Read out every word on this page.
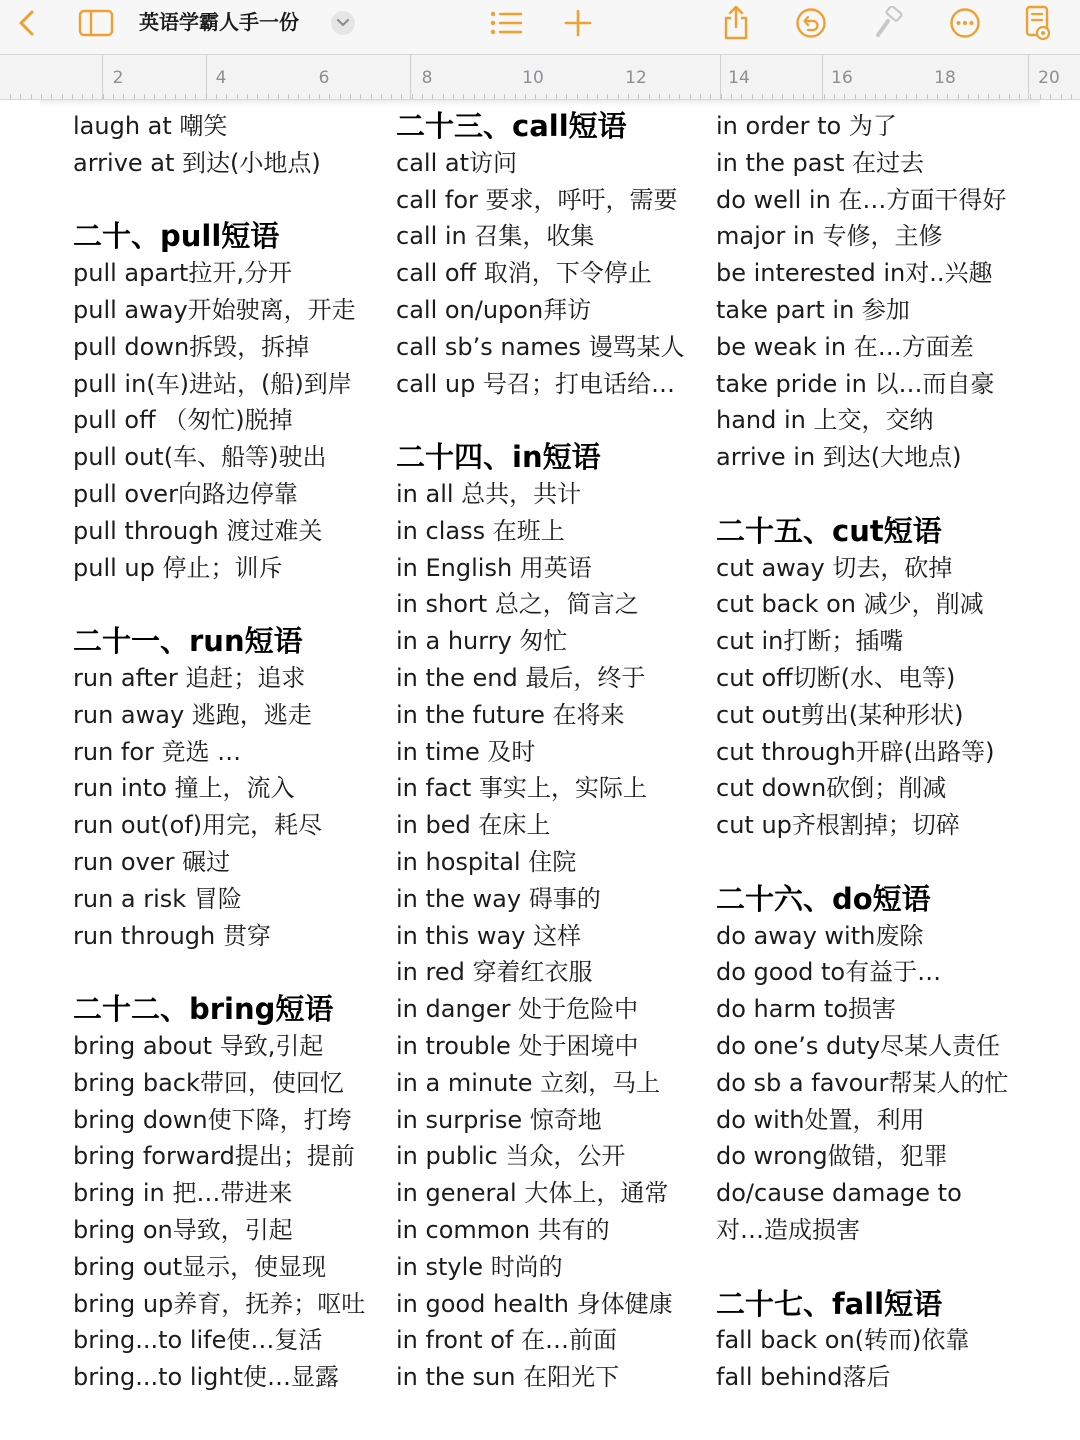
英语学霸人手一份
2	4	6	8	10	12	14	16	18	20
laugh at 嘲笑
arrive at 到达(小地点)
二十、pull短语
pull apart拉开,分开
pull away开始驶离，开走
pull down拆毁，拆掉
pull in(车)进站，(船)到岸
pull off （匆忙)脱掉
pull out(车、船等)驶出
pull over向路边停靠
pull through 渡过难关
pull up 停止；训斥
二十一、run短语
run after 追赶；追求
run away 逃跑，逃走
run for 竞选 …
run into 撞上，流入
run out(of)用完，耗尽
run over 碾过
run a risk 冒险
run through 贯穿
二十二、bring短语
bring about 导致,引起
bring back带回，使回忆
bring down使下降，打垮
bring forward提出；提前
bring in 把…带进来
bring on导致，引起
bring out显示，使显现
bring up养育，抚养；呕吐
bring...to life使…复活
bring...to light使…显露
二十三、call短语
call at访问
call for 要求，呼吁，需要
call in 召集，收集
call off 取消，下令停止
call on/upon拜访
call sb’s names 谩骂某人
call up 号召；打电话给…
二十四、in短语
in all 总共，共计
in class 在班上
in English 用英语
in short 总之，简言之
in a hurry 匆忙
in the end 最后，终于
in the future 在将来
in time 及时
in fact 事实上，实际上
in bed 在床上
in hospital 住院
in the way 碍事的
in this way 这样
in red 穿着红衣服
in danger 处于危险中
in trouble 处于困境中
in a minute 立刻，马上
in surprise 惊奇地
in public 当众，公开
in general 大体上，通常
in common 共有的
in style 时尚的
in good health 身体健康
in front of 在…前面
in the sun 在阳光下
in order to 为了
in the past 在过去
do well in 在…方面干得好
major in 专修，主修
be interested in对..兴趣
take part in 参加
be weak in 在…方面差
take pride in 以…而自豪
hand in 上交，交纳
arrive in 到达(大地点)
二十五、cut短语
cut away 切去，砍掉
cut back on 减少，削减
cut in打断；插嘴
cut off切断(水、电等)
cut out剪出(某种形状)
cut through开辟(出路等)
cut down砍倒；削减
cut up齐根割掉；切碎
二十六、do短语
do away with废除
do good to有益于…
do harm to损害
do one’s duty尽某人责任
do sb a favour帮某人的忙
do with处置，利用
do wrong做错，犯罪
do/cause damage to
对…造成损害
二十七、fall短语
fall back on(转而)依靠
fall behind落后
